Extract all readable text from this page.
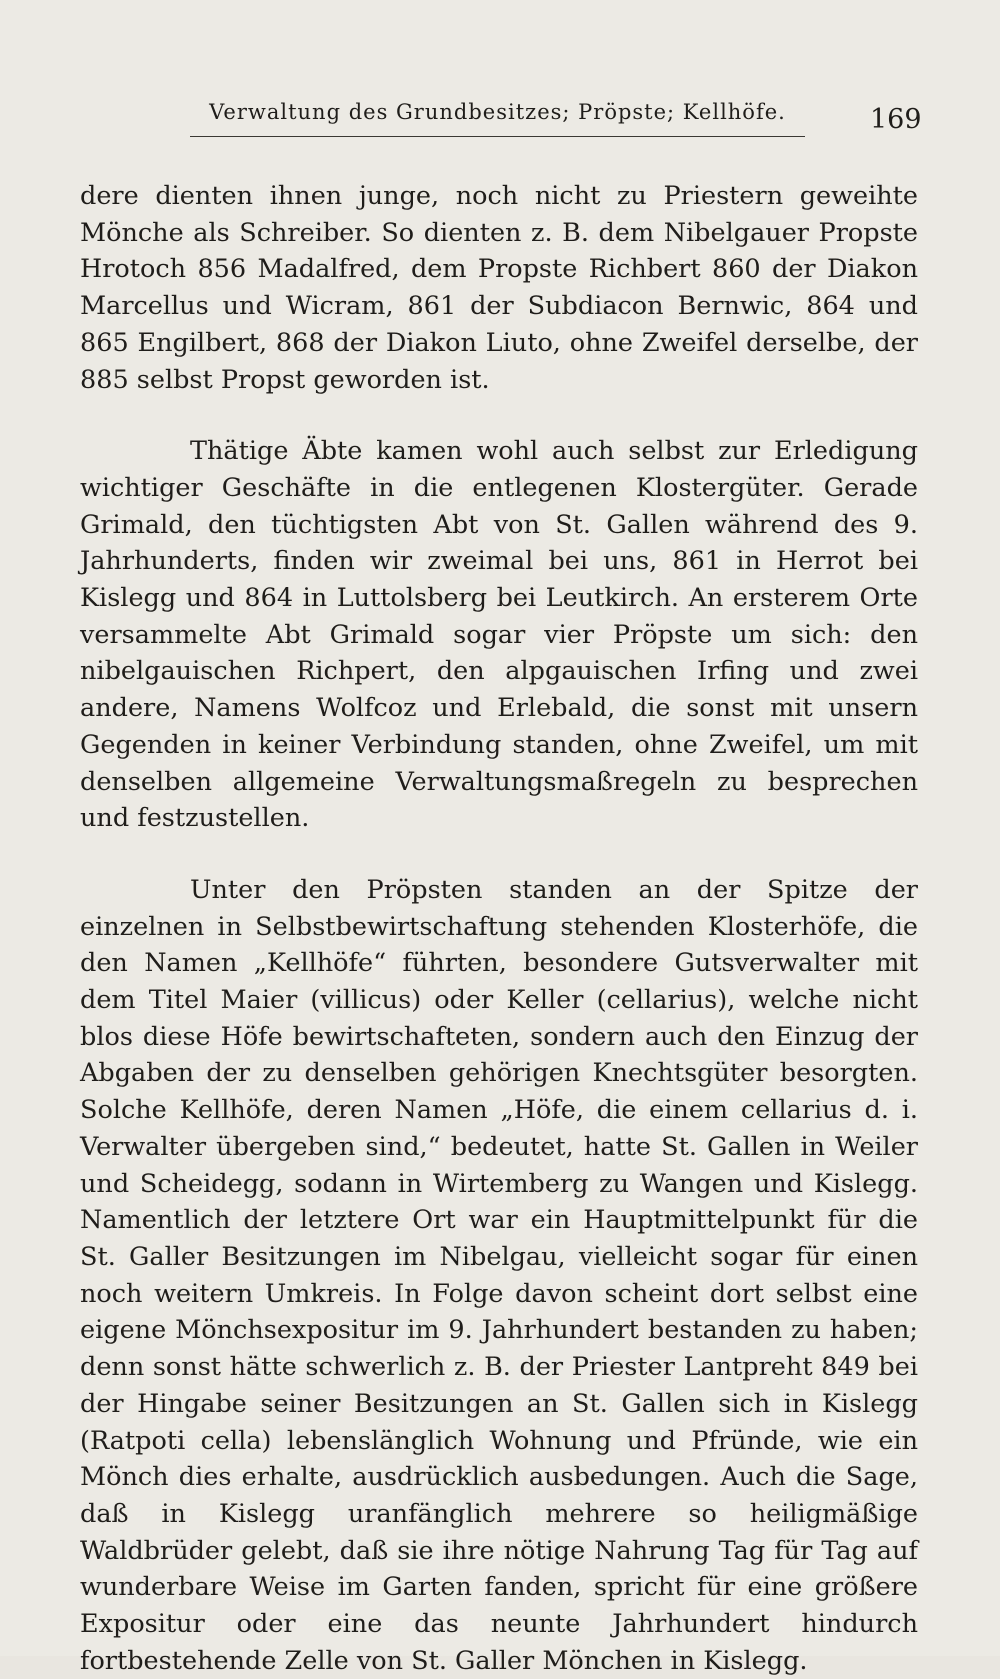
Verwaltung des Grundbesitzes; Pröpste; Kellhöfe.	169

dere dienten ihnen junge, noch nicht zu Priestern geweihte Mönche als Schreiber. So dienten z. B. dem Nibelgauer Propste Hrotoch 856 Madalfred, dem Propste Richbert 860 der Diakon Marcellus und Wicram, 861 der Subdiacon Bernwic, 864 und 865 Engilbert, 868 der Diakon Liuto, ohne Zweifel derselbe, der 885 selbst Propst geworden ist.

Thätige Äbte kamen wohl auch selbst zur Erledigung wichtiger Geschäfte in die entlegenen Klostergüter. Gerade Grimald, den tüchtigsten Abt von St. Gallen während des 9. Jahrhunderts, finden wir zweimal bei uns, 861 in Herrot bei Kislegg und 864 in Luttolsberg bei Leutkirch. An ersterem Orte versammelte Abt Grimald sogar vier Pröpste um sich: den nibelgauischen Richpert, den alpgauischen Irfing und zwei andere, Namens Wolfcoz und Erlebald, die sonst mit unsern Gegenden in keiner Verbindung standen, ohne Zweifel, um mit denselben allgemeine Verwaltungsmaßregeln zu besprechen und festzustellen.

Unter den Pröpsten standen an der Spitze der einzelnen in Selbstbewirtschaftung stehenden Klosterhöfe, die den Namen „Kellhöfe“ führten, besondere Gutsverwalter mit dem Titel Maier (villicus) oder Keller (cellarius), welche nicht blos diese Höfe bewirtschafteten, sondern auch den Einzug der Abgaben der zu denselben gehörigen Knechtsgüter besorgten. Solche Kellhöfe, deren Namen „Höfe, die einem cellarius d. i. Verwalter übergeben sind,“ bedeutet, hatte St. Gallen in Weiler und Scheidegg, sodann in Wirtemberg zu Wangen und Kislegg. Namentlich der letztere Ort war ein Hauptmittelpunkt für die St. Galler Besitzungen im Nibelgau, vielleicht sogar für einen noch weitern Umkreis. In Folge davon scheint dort selbst eine eigene Mönchsexpositur im 9. Jahrhundert bestanden zu haben; denn sonst hätte schwerlich z. B. der Priester Lantpreht 849 bei der Hingabe seiner Besitzungen an St. Gallen sich in Kislegg (Ratpoti cella) lebenslänglich Wohnung und Pfründe, wie ein Mönch dies erhalte, ausdrücklich ausbedungen. Auch die Sage, daß in Kislegg uranfänglich mehrere so heiligmäßige Waldbrüder gelebt, daß sie ihre nötige Nahrung Tag für Tag auf wunderbare Weise im Garten fanden, spricht für eine größere Expositur oder eine das neunte Jahrhundert hindurch fortbestehende Zelle von St. Galler Mönchen in Kislegg.
